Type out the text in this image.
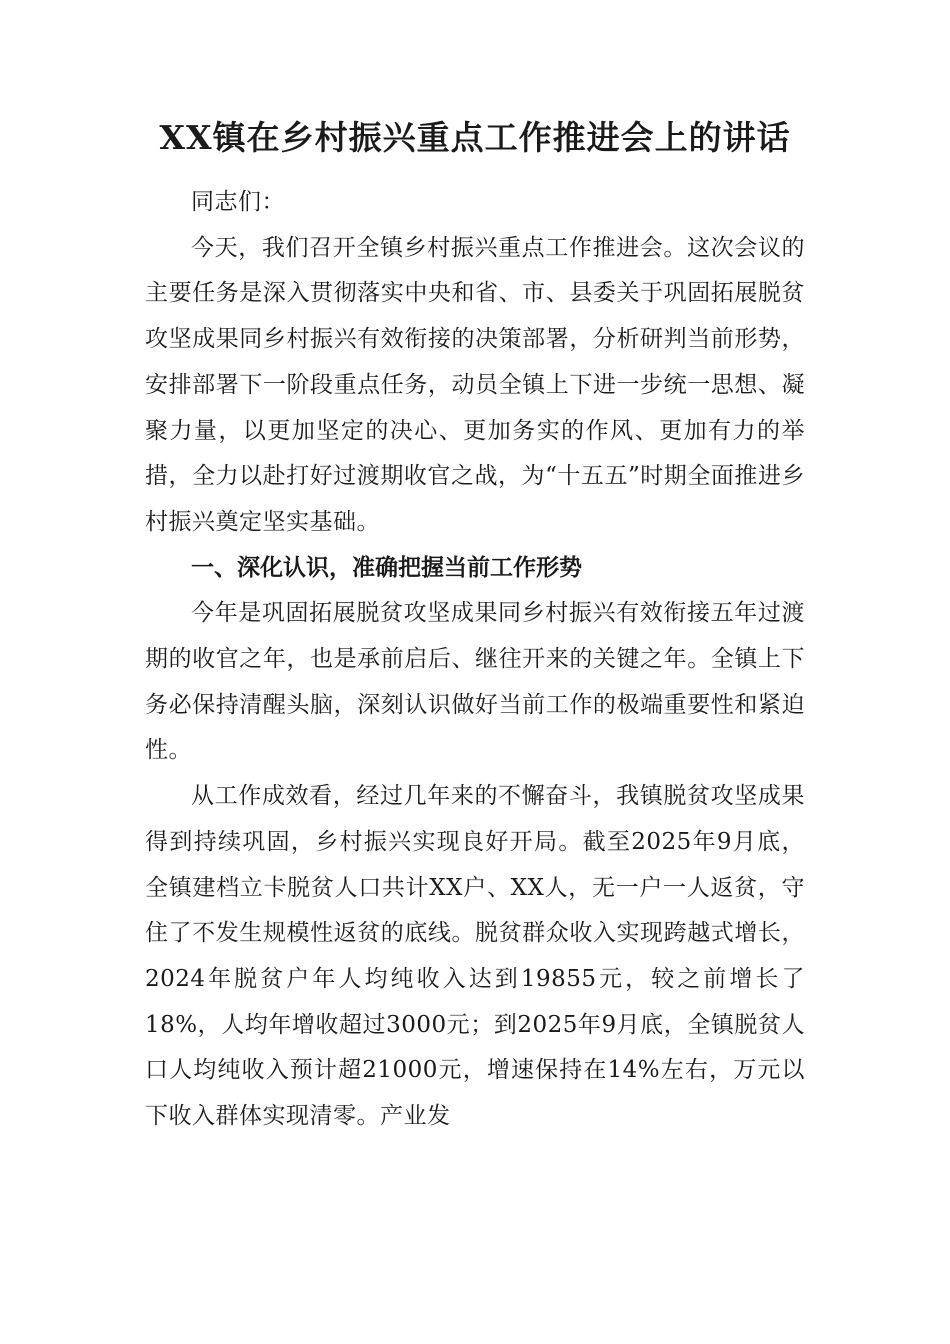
XX镇在乡村振兴重点工作推进会上的讲话

同志们：

今天，我们召开全镇乡村振兴重点工作推进会。这次会议的主要任务是深入贯彻落实中央和省、市、县委关于巩固拓展脱贫攻坚成果同乡村振兴有效衔接的决策部署，分析研判当前形势，安排部署下一阶段重点任务，动员全镇上下进一步统一思想、凝聚力量，以更加坚定的决心、更加务实的作风、更加有力的举措，全力以赴打好过渡期收官之战，为“十五五”时期全面推进乡村振兴奠定坚实基础。

一、深化认识，准确把握当前工作形势

今年是巩固拓展脱贫攻坚成果同乡村振兴有效衔接五年过渡期的收官之年，也是承前启后、继往开来的关键之年。全镇上下务必保持清醒头脑，深刻认识做好当前工作的极端重要性和紧迫性。

从工作成效看，经过几年来的不懈奋斗，我镇脱贫攻坚成果得到持续巩固，乡村振兴实现良好开局。截至2025年9月底，全镇建档立卡脱贫人口共计XX户、XX人，无一户一人返贫，守住了不发生规模性返贫的底线。脱贫群众收入实现跨越式增长，2024年脱贫户年人均纯收入达到19855元，较之前增长了18%，人均年增收超过3000元；到2025年9月底，全镇脱贫人口人均纯收入预计超21000元，增速保持在14%左右，万元以下收入群体实现清零。产业发
